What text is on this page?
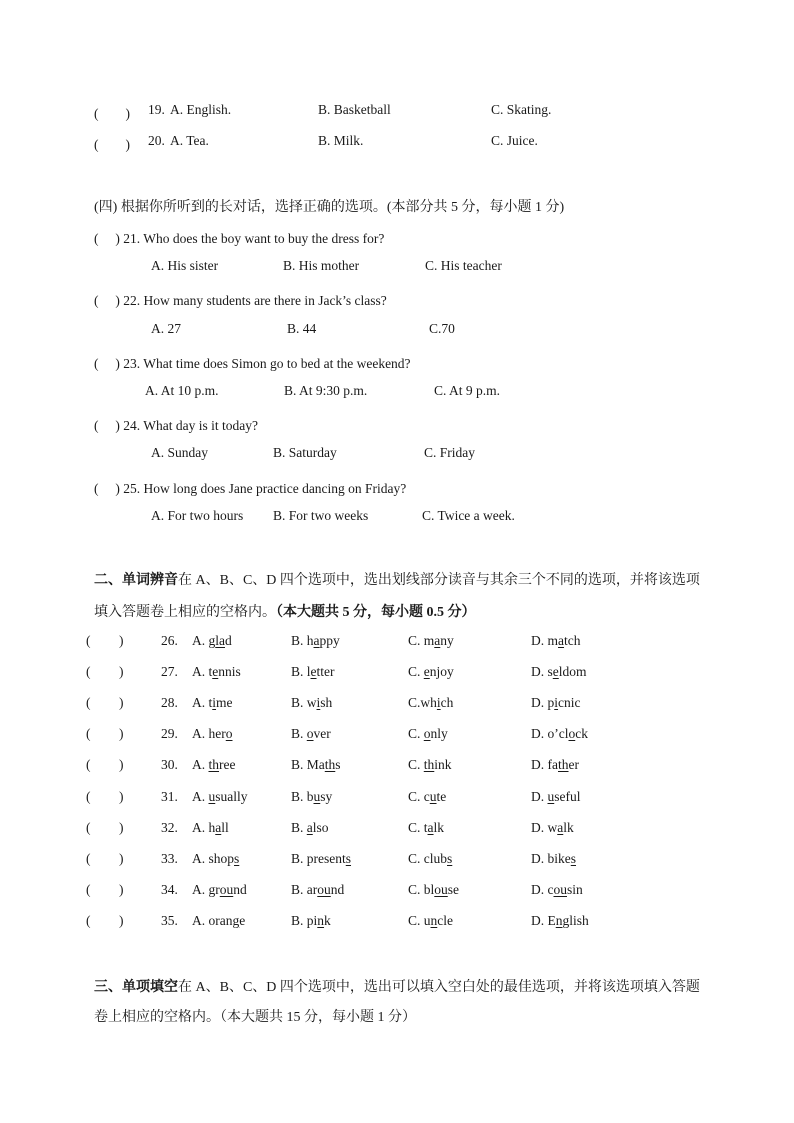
(　　) 19. A. English.	B. Basketball	C. Skating.
(　　) 20. A. Tea.	B. Milk.	C. Juice.
(四) 根据你所听到的长对话，选择正确的选项。(本部分共 5 分，每小题 1 分)
(　 ) 21. Who does the boy want to buy the dress for?
A. His sister	B. His mother	C. His teacher
(　 ) 22. How many students are there in Jack’s class?
A. 27	B. 44	C.70
(　 ) 23. What time does Simon go to bed at the weekend?
A. At 10 p.m.	B. At 9:30 p.m.	C. At 9 p.m.
(　 ) 24. What day is it today?
A. Sunday	B. Saturday	C. Friday
(　 ) 25. How long does Jane practice dancing on Friday?
A. For two hours B. For two weeks	C. Twice a week.
二、单词辨音在 A、B、C、D 四个选项中，选出划线部分读音与其余三个不同的选项，并将该选项
填入答题卷上相应的空格内。（本大题共 5 分，每小题 0.5 分）
( )	26. A. glad	B. happy	C. many	D. match
( )	27. A. tennis	B. letter	C. enjoy	D. seldom
( )	28. A. time	B. wish	C.which	D. picnic
( )	29. A. hero	B. over	C. only	D. o’clock
( )	30. A. three	B. Maths	C. think	D. father
( )	31. A. usually	B. busy	C. cute	D. useful
( )	32. A. hall	B. also	C. talk	D. walk
( )	33. A. shops	B. presents	C. clubs	D. bikes
( )	34. A. ground	B. around	C. blouse	D. cousin
( )	35. A. orange	B. pink	C. uncle	D. English
三、单项填空在 A、B、C、D 四个选项中，选出可以填入空白处的最佳选项，并将该选项填入答题
卷上相应的空格内。（本大题共 15 分，每小题 1 分）
